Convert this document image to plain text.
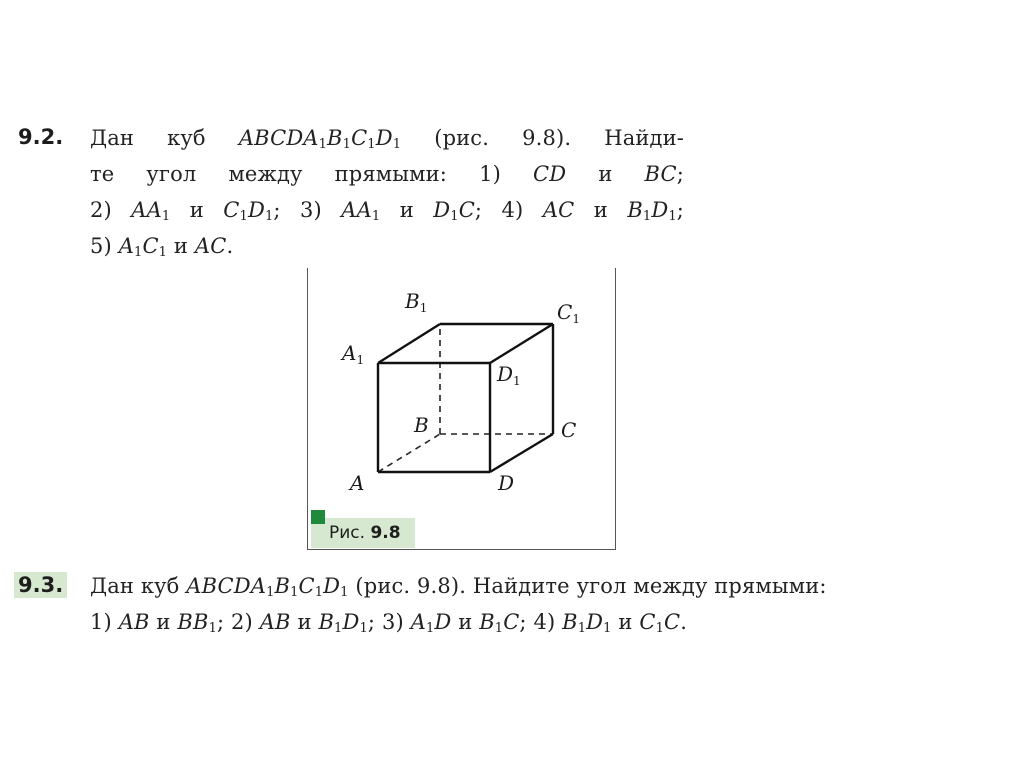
9.2. Дан куб $ABCDA_1B_1C_1D_1$ (рис. 9.8). Найди-
те угол между прямыми: 1) CD и BC;
2) $AA_1$ и $C_1D_1$; 3) $AA_1$ и $D_1C$; 4) AC и $B_1D_1$;
5) $A_1C_1$ и AC.
A	D
B	C
$A_1$
$D_1$
$B_1$	$C_1$
Рис. 9.8
9.3. Дан куб $ABCDA_1B_1C_1D_1$ (рис. 9.8). Найдите угол между прямыми:
1) AB и $BB_1$; 2) AB и $B_1D_1$; 3) $A_1D$ и $B_1C$; 4) $B_1D_1$ и $C_1C$.
